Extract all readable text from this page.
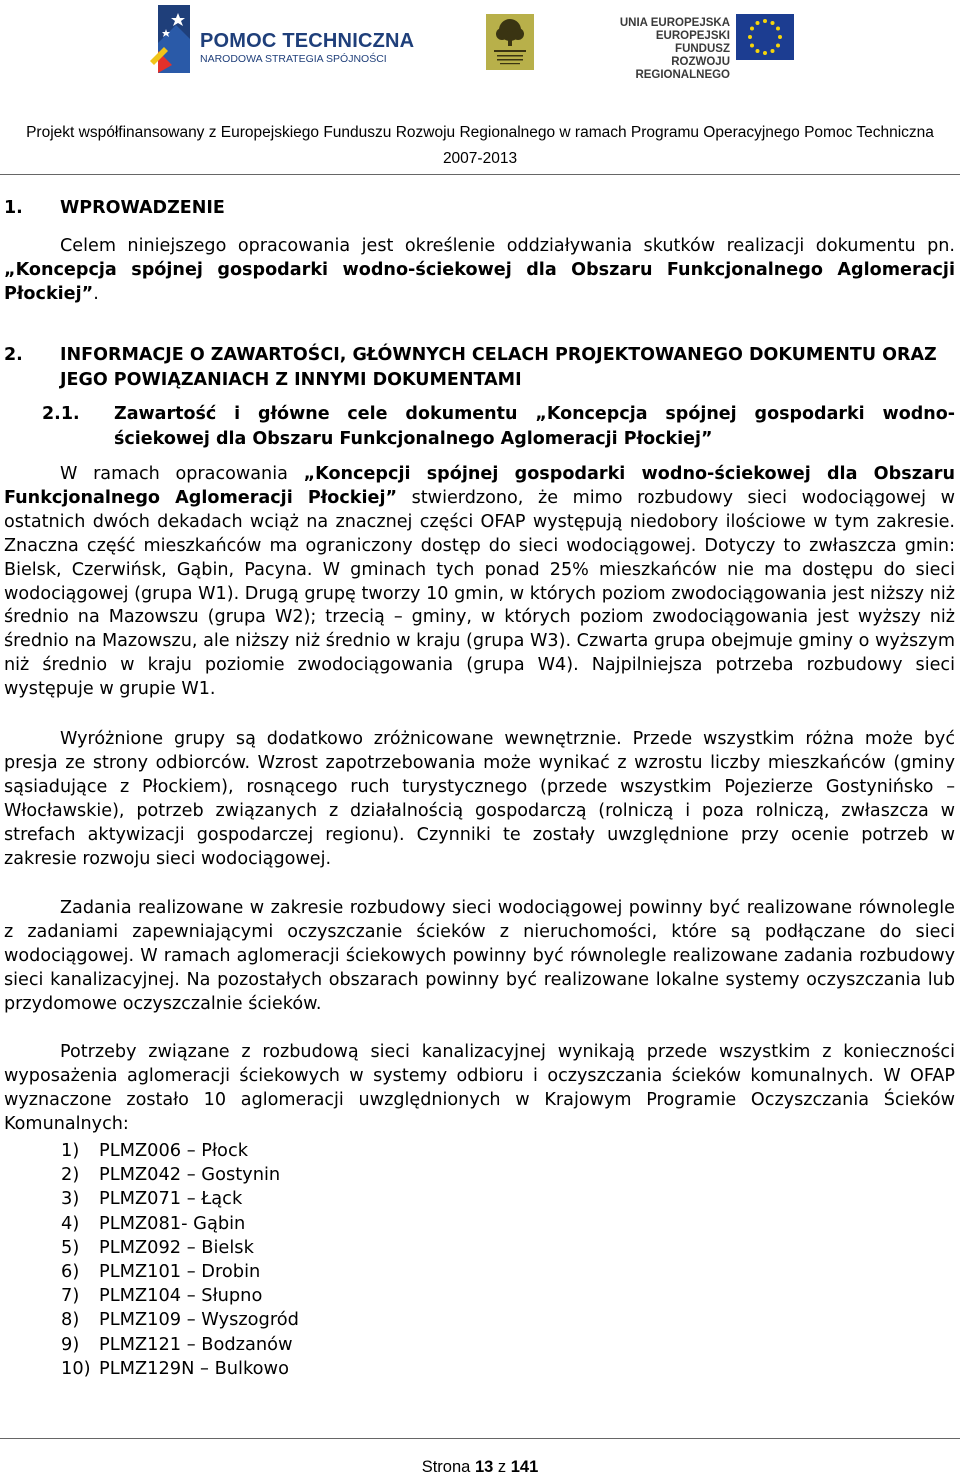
POMOC TECHNICZNA
NARODOWA STRATEGIA SPÓJNOŚCI
UNIA EUROPEJSKA
EUROPEJSKI FUNDUSZ
ROZWOJU REGIONALNEGO
Projekt współfinansowany z Europejskiego Funduszu Rozwoju Regionalnego w ramach Programu Operacyjnego Pomoc Techniczna
2007-2013
1. WPROWADZENIE
Celem niniejszego opracowania jest określenie oddziaływania skutków realizacji dokumentu pn. „Koncepcja spójnej gospodarki wodno-ściekowej dla Obszaru Funkcjonalnego Aglomeracji Płockiej”.
2. INFORMACJE O ZAWARTOŚCI, GŁÓWNYCH CELACH PROJEKTOWANEGO DOKUMENTU ORAZ JEGO POWIĄZANIACH Z INNYMI DOKUMENTAMI
2.1. Zawartość i główne cele dokumentu „Koncepcja spójnej gospodarki wodno-ściekowej dla Obszaru Funkcjonalnego Aglomeracji Płockiej”
W ramach opracowania „Koncepcji spójnej gospodarki wodno-ściekowej dla Obszaru Funkcjonalnego Aglomeracji Płockiej” stwierdzono, że mimo rozbudowy sieci wodociągowej w ostatnich dwóch dekadach wciąż na znacznej części OFAP występują niedobory ilościowe w tym zakresie. Znaczna część mieszkańców ma ograniczony dostęp do sieci wodociągowej. Dotyczy to zwłaszcza gmin: Bielsk, Czerwińsk, Gąbin, Pacyna. W gminach tych ponad 25% mieszkańców nie ma dostępu do sieci wodociągowej (grupa W1). Drugą grupę tworzy 10 gmin, w których poziom zwodociągowania jest niższy niż średnio na Mazowszu (grupa W2); trzecią – gminy, w których poziom zwodociągowania jest wyższy niż średnio na Mazowszu, ale niższy niż średnio w kraju (grupa W3). Czwarta grupa obejmuje gminy o wyższym niż średnio w kraju poziomie zwodociągowania (grupa W4). Najpilniejsza potrzeba rozbudowy sieci występuje w grupie W1.
Wyróżnione grupy są dodatkowo zróżnicowane wewnętrznie. Przede wszystkim różna może być presja ze strony odbiorców. Wzrost zapotrzebowania może wynikać z wzrostu liczby mieszkańców (gminy sąsiadujące z Płockiem), rosnącego ruch turystycznego (przede wszystkim Pojezierze Gostynińsko – Włocławskie), potrzeb związanych z działalnością gospodarczą (rolniczą i poza rolniczą, zwłaszcza w strefach aktywizacji gospodarczej regionu). Czynniki te zostały uwzględnione przy ocenie potrzeb w zakresie rozwoju sieci wodociągowej.
Zadania realizowane w zakresie rozbudowy sieci wodociągowej powinny być realizowane równolegle z zadaniami zapewniającymi oczyszczanie ścieków z nieruchomości, które są podłączane do sieci wodociągowej. W ramach aglomeracji ściekowych powinny być równolegle realizowane zadania rozbudowy sieci kanalizacyjnej. Na pozostałych obszarach powinny być realizowane lokalne systemy oczyszczania lub przydomowe oczyszczalnie ścieków.
Potrzeby związane z rozbudową sieci kanalizacyjnej wynikają przede wszystkim z konieczności wyposażenia aglomeracji ściekowych w systemy odbioru i oczyszczania ścieków komunalnych. W OFAP wyznaczone zostało 10 aglomeracji uwzględnionych w Krajowym Programie Oczyszczania Ścieków Komunalnych:
1) PLMZ006 – Płock
2) PLMZ042 – Gostynin
3) PLMZ071 – Łąck
4) PLMZ081- Gąbin
5) PLMZ092 – Bielsk
6) PLMZ101 – Drobin
7) PLMZ104 – Słupno
8) PLMZ109 – Wyszogród
9) PLMZ121 – Bodzanów
10) PLMZ129N – Bulkowo
Strona 13 z 141
